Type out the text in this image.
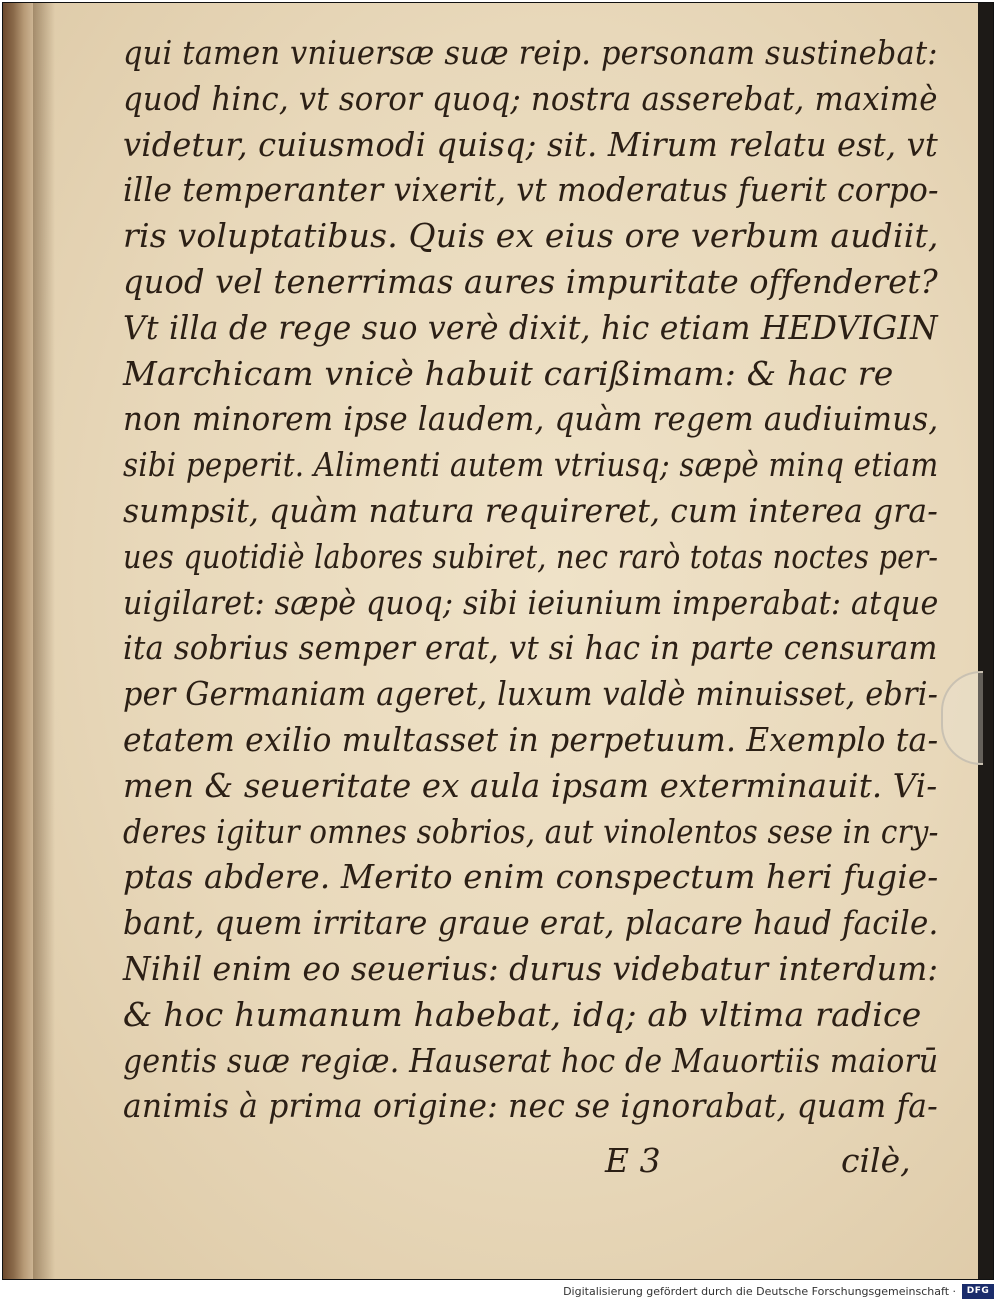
qui tamen vniuersæ suæ reip. personam sustinebat:
quod hinc, vt soror quoq; nostra asserebat, maximè
videtur, cuiusmodi quisq; sit. Mirum relatu est, vt
ille temperanter vixerit, vt moderatus fuerit corpo-
ris voluptatibus. Quis ex eius ore verbum audiit,
quod vel tenerrimas aures impuritate offenderet?
Vt illa de rege suo verè dixit, hic etiam HEDVIGIN
Marchicam vnicè habuit carißimam: & hac re
non minorem ipse laudem, quàm regem audiuimus,
sibi peperit. Alimenti autem vtriusq; sæpè minq etiam
sumpsit, quàm natura requireret, cum interea gra-
ues quotidiè labores subiret, nec rarò totas noctes per-
uigilaret: sæpè quoq; sibi ieiunium imperabat: atque
ita sobrius semper erat, vt si hac in parte censuram
per Germaniam ageret, luxum valdè minuisset, ebri-
etatem exilio multasset in perpetuum. Exemplo ta-
men & seueritate ex aula ipsam exterminauit. Vi-
deres igitur omnes sobrios, aut vinolentos sese in cry-
ptas abdere. Merito enim conspectum heri fugie-
bant, quem irritare graue erat, placare haud facile.
Nihil enim eo seuerius: durus videbatur interdum:
& hoc humanum habebat, idq; ab vltima radice
gentis suæ regiæ. Hauserat hoc de Mauortiis maiorū
animis à prima origine: nec se ignorabat, quam fa-
E 3	cilè,
Digitalisierung gefördert durch die Deutsche Forschungsgemeinschaft ·	DFG
